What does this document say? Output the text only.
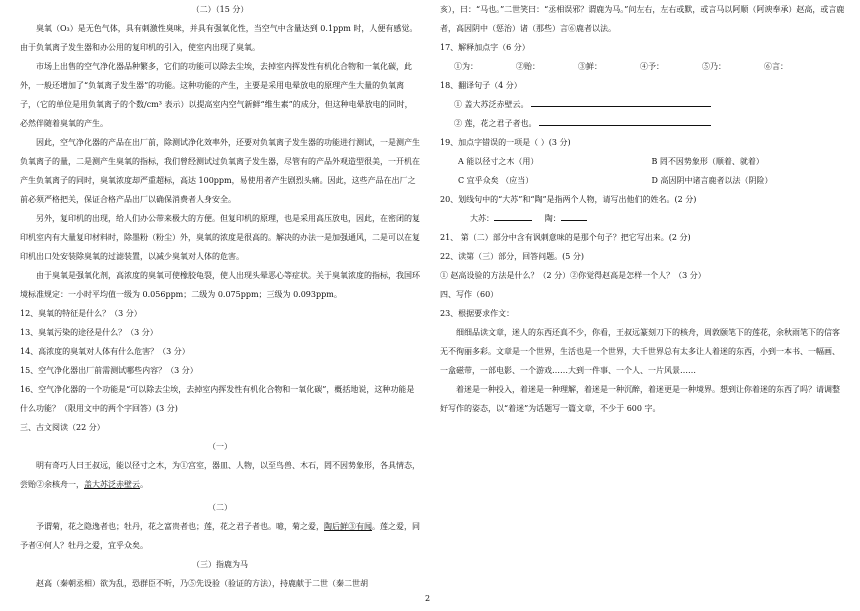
（二）（15 分）

臭氧（O₃）是无色气体，具有刺激性臭味，并具有强氧化性，当空气中含量达到 0.1ppm 时，人便有感觉。由于负氧离子发生器和办公用的复印机的引入，使室内出现了臭氧。

市场上出售的空气净化器品种繁多，它们的功能可以除去尘埃，去掉室内挥发性有机化合物和一氧化碳，此外，一般还增加了“负氧离子发生器”的功能。这种功能的产生，主要是采用电晕放电的原理产生大量的负氧离子，（它的单位是用负氧离子的个数/cm³ 表示）以提高室内空气新鲜“维生素”的成分，但这种电晕放电的同时，必然伴随着臭氧的产生。

因此，空气净化器的产品在出厂前，除测试净化效率外，还要对负氧离子发生器的功能进行测试，一是测产生负氧离子的量，二是测产生臭氧的指标，我们曾经测试过负氧离子发生器，尽管有的产品外观造型很美，一开机在产生负氧离子的同时，臭氧浓度却严重超标，高达 100ppm，易使用者产生剧烈头痛。因此，这些产品在出厂之前必须严格把关，保证合格产品出厂以确保消费者人身安全。

另外，复印机的出现，给人们办公带来极大的方便。但复印机的原理，也是采用高压放电，因此，在密闭的复印机室内有大量复印材料时，除墨粉（粉尘）外，臭氧的浓度是很高的。解决的办法一是加强通风，二是可以在复印机出口处安装除臭氧的过滤装置，以减少臭氧对人体的危害。

由于臭氧是强氧化剂，高浓度的臭氧可使橡胶龟裂，使人出现头晕恶心等症状。关于臭氧浓度的指标，我国环境标准规定：一小时平均值一级为 0.056ppm；二级为 0.075ppm；三级为 0.093ppm。

12、臭氧的特征是什么？（3 分）

13、臭氧污染的途径是什么？（3 分）

14、高浓度的臭氧对人体有什么危害？（3 分）

15、空气净化器出厂前需测试哪些内容？（3 分）

16、空气净化器的一个功能是“可以除去尘埃，去掉室内挥发性有机化合物和一氧化碳”，概括地说，这种功能是什么功能？（限用文中的两个字回答）(3 分)

三、古文阅读（22 分）

（一）

明有奇巧人曰王叔远，能以径寸之木，为①宫室，器皿、人物，以至鸟兽、木石，罔不因势象形，各具情态，尝贻②余核舟一，盖大苏泛赤壁云。

（二）

予谓菊，花之隐逸者也；牡丹，花之富贵者也；莲，花之君子者也。噫，菊之爱，陶后鲜③有闻。莲之爱，同予者④何人？牡丹之爱，宜乎众矣。

（三）指鹿为马

赵高（秦朝丞相）欲为乱，恐群臣不听，乃⑤先设验（验证的方法），持鹿献于二世（秦二世胡

亥），曰：“马也。”二世笑曰：“丞相误邪？谓鹿为马。”问左右，左右或默，或言马以阿顺（阿谀奉承）赵高，或言鹿者，高因阴中（惩治）诸（那些）言⑥鹿者以法。

17、解释加点字（6 分）

①为：	②贻：	③鲜：	④予：	⑤乃：	⑥言：

18、翻译句子（4 分）

① 盖大苏泛赤壁云。

② 莲，花之君子者也。

19、加点字错误的一项是（ ）(3 分)

A 能以径寸之木（用）	B 罔不因势象形（顺着、就着）
C 宜乎众矣 （应当）	D 高因阴中诸言鹿者以法（阴险）

20、划线句中的“大苏”和“陶”是指两个人物，请写出他们的姓名。(2 分)

大苏：	陶：

21、 第（二）部分中含有讽刺意味的是那个句子？把它写出来。(2 分)

22、读第（三）部分，回答问题。(5 分)

① 赵高设验的方法是什么？（2 分）②你觉得赵高是怎样一个人？（3 分）

四、写作（60）

23、根据要求作文：

细细品读文章，迷人的东西还真不少，你看，王叔远篆刻刀下的核舟，周敦颐笔下的莲花，余秋雨笔下的信客无不徇丽多彩。文章是一个世界，生活也是一个世界，大千世界总有太多让人着迷的东西，小到一本书、一幅画、一盒磁带，一部电影、一个游戏……大到一件事、一个人、一片风景……

着迷是一种投入，着迷是一种理解，着迷是一种沉醉，着迷更是一种境界。想到让你着迷的东西了吗？请调整好写作的姿态，以“着迷”为话题写一篇文章，不少于 600 字。

2
